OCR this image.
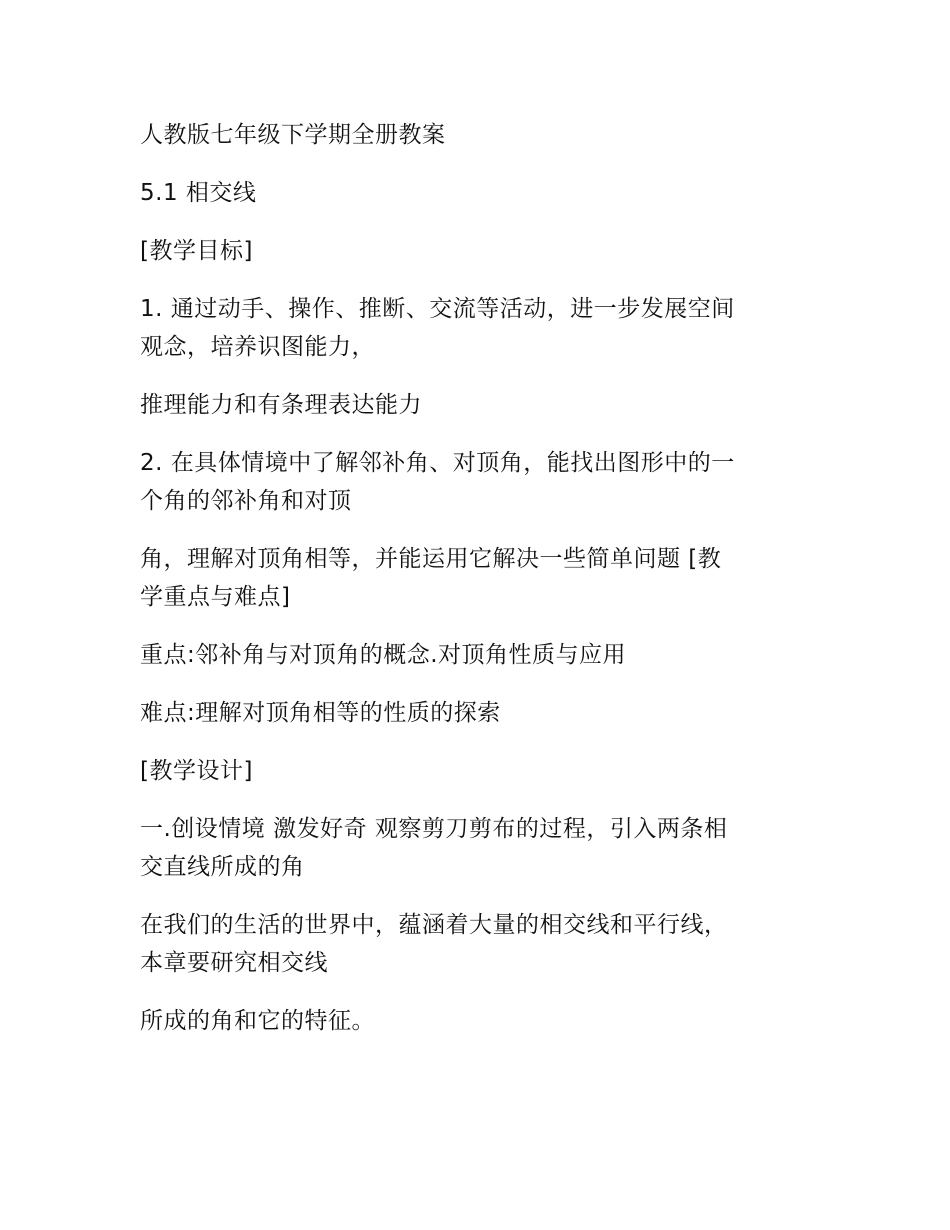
人教版七年级下学期全册教案

5.1 相交线

[教学目标]

1. 通过动手、操作、推断、交流等活动，进一步发展空间
观念，培养识图能力，

推理能力和有条理表达能力

2. 在具体情境中了解邻补角、对顶角，能找出图形中的一
个角的邻补角和对顶

角，理解对顶角相等，并能运用它解决一些简单问题 [教
学重点与难点]

重点:邻补角与对顶角的概念.对顶角性质与应用

难点:理解对顶角相等的性质的探索

[教学设计]

一.创设情境 激发好奇 观察剪刀剪布的过程，引入两条相
交直线所成的角

在我们的生活的世界中，蕴涵着大量的相交线和平行线，
本章要研究相交线

所成的角和它的特征。
